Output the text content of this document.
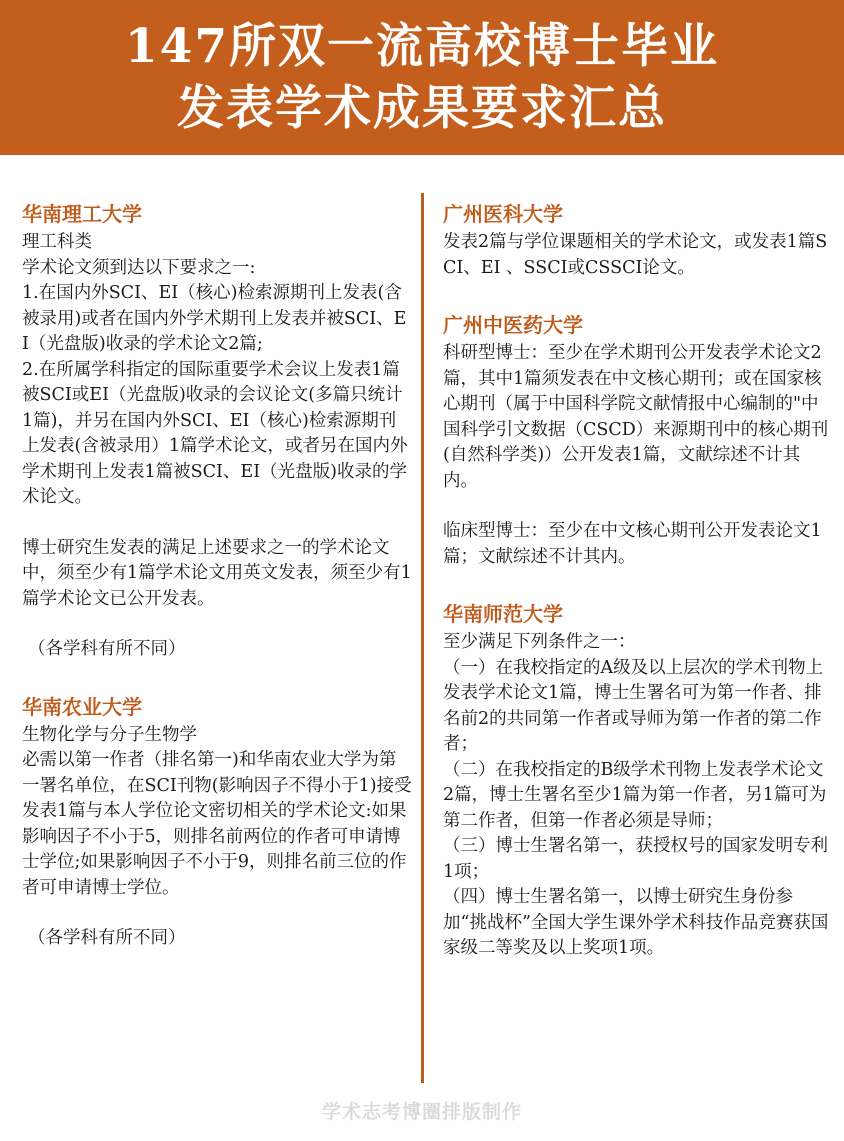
147所双一流高校博士毕业
发表学术成果要求汇总
华南理工大学

理工科类

学术论文须到达以下要求之一:

1.在国内外SCI、EI（核心)检索源期刊上发表(含被录用)或者在国内外学术期刊上发表并被SCI、EI（光盘版)收录的学术论文2篇;

2.在所属学科指定的国际重要学术会议上发表1篇被SCI或EI（光盘版)收录的会议论文(多篇只统计1篇)，并另在国内外SCI、EI（核心)检索源期刊上发表(含被录用）1篇学术论文，或者另在国内外学术期刊上发表1篇被SCI、EI（光盘版)收录的学术论文。

博士研究生发表的满足上述要求之一的学术论文中，须至少有1篇学术论文用英文发表，须至少有1篇学术论文已公开发表。

（各学科有所不同）

华南农业大学

生物化学与分子生物学

必需以第一作者（排名第一)和华南农业大学为第一署名单位，在SCI刊物(影响因子不得小于1)接受发表1篇与本人学位论文密切相关的学术论文:如果影响因子不小于5，则排名前两位的作者可申请博士学位;如果影响因子不小于9，则排名前三位的作者可申请博士学位。

（各学科有所不同）

广州医科大学

发表2篇与学位课题相关的学术论文，或发表1篇SCI、EI 、SSCI或CSSCI论文。

广州中医药大学

科研型博士：至少在学术期刊公开发表学术论文2篇，其中1篇须发表在中文核心期刊；或在国家核心期刊（属于中国科学院文献情报中心编制的"中国科学引文数据（CSCD）来源期刊中的核心期刊(自然科学类)）公开发表1篇，文献综述不计其内。

临床型博士：至少在中文核心期刊公开发表论文1篇；文献综述不计其内。

华南师范大学

至少满足下列条件之一：

（一）在我校指定的A级及以上层次的学术刊物上发表学术论文1篇，博士生署名可为第一作者、排名前2的共同第一作者或导师为第一作者的第二作者；

（二）在我校指定的B级学术刊物上发表学术论文2篇，博士生署名至少1篇为第一作者，另1篇可为第二作者，但第一作者必须是导师；

（三）博士生署名第一，获授权号的国家发明专利1项；

（四）博士生署名第一，以博士研究生身份参加“挑战杯”全国大学生课外学术科技作品竞赛获国家级二等奖及以上奖项1项。

学术志考博圈排版制作
